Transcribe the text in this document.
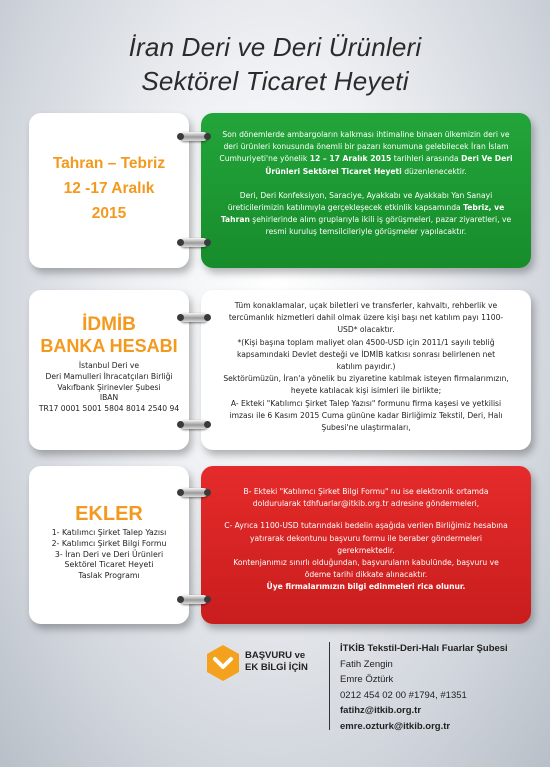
İran Deri ve Deri Ürünleri
Sektörel Ticaret Heyeti
Tahran – Tebriz
12 -17 Aralık
2015

Son dönemlerde ambargoların kalkması ihtimaline binaen ülkemizin deri ve deri ürünleri konusunda önemli bir pazarı konumuna gelebilecek İran İslam Cumhuriyeti'ne yönelik 12 – 17 Aralık 2015 tarihleri arasında Deri Ve Deri Ürünleri Sektörel Ticaret Heyeti düzenlenecektir.

Deri, Deri Konfeksiyon, Saraciye, Ayakkabı ve Ayakkabı Yan Sanayi üreticilerimizin katılımıyla gerçekleşecek etkinlik kapsamında Tebriz, ve Tahran şehirlerinde alım gruplarıyla ikili iş görüşmeleri, pazar ziyaretleri, ve resmi kuruluş temsilcileriyle görüşmeler yapılacaktır.

İDMİB
BANKA HESABI
İstanbul Deri ve
Deri Mamulleri İhracatçıları Birliği
Vakıfbank Şirinevler Şubesi
IBAN
TR17 0001 5001 5804 8014 2540 94

Tüm konaklamalar, uçak biletleri ve transferler, kahvaltı, rehberlik ve tercümanlık hizmetleri dahil olmak üzere kişi başı net katılım payı 1100-USD* olacaktır.

*(Kişi başına toplam maliyet olan 4500-USD için 2011/1 sayılı tebliğ kapsamındaki Devlet desteği ve İDMİB katkısı sonrası belirlenen net katılım payıdır.)

Sektörümüzün, İran'a yönelik bu ziyaretine katılmak isteyen firmalarımızın, heyete katılacak kişi isimleri ile birlikte;

A- Ekteki "Katılımcı Şirket Talep Yazısı" formunu firma kaşesi ve yetkilisi imzası ile 6 Kasım 2015 Cuma gününe kadar Birliğimiz Tekstil, Deri, Halı Şubesi'ne ulaştırmaları,

EKLER
1- Katılımcı Şirket Talep Yazısı
2- Katılımcı Şirket Bilgi Formu
3- İran Deri ve Deri Ürünleri
Sektörel Ticaret Heyeti
Taslak Programı

B- Ekteki "Katılımcı Şirket Bilgi Formu" nu ise elektronik ortamda doldurularak tdhfuarlar@itkib.org.tr adresine göndermeleri,

C- Ayrıca 1100-USD tutarındaki bedelin aşağıda verilen Birliğimiz hesabına yatırarak dekontunu başvuru formu ile beraber göndermeleri gerekmektedir.

Kontenjanımız sınırlı olduğundan, başvuruların kabulünde, başvuru ve ödeme tarihi dikkate alınacaktır.

Üye firmalarımızın bilgi edinmeleri rica olunur.

BAŞVURU ve
EK BİLGİ İÇİN
İTKİB Tekstil-Deri-Halı Fuarlar Şubesi
Fatih Zengin
Emre Öztürk
0212 454 02 00 #1794, #1351
fatihz@itkib.org.tr
emre.ozturk@itkib.org.tr
